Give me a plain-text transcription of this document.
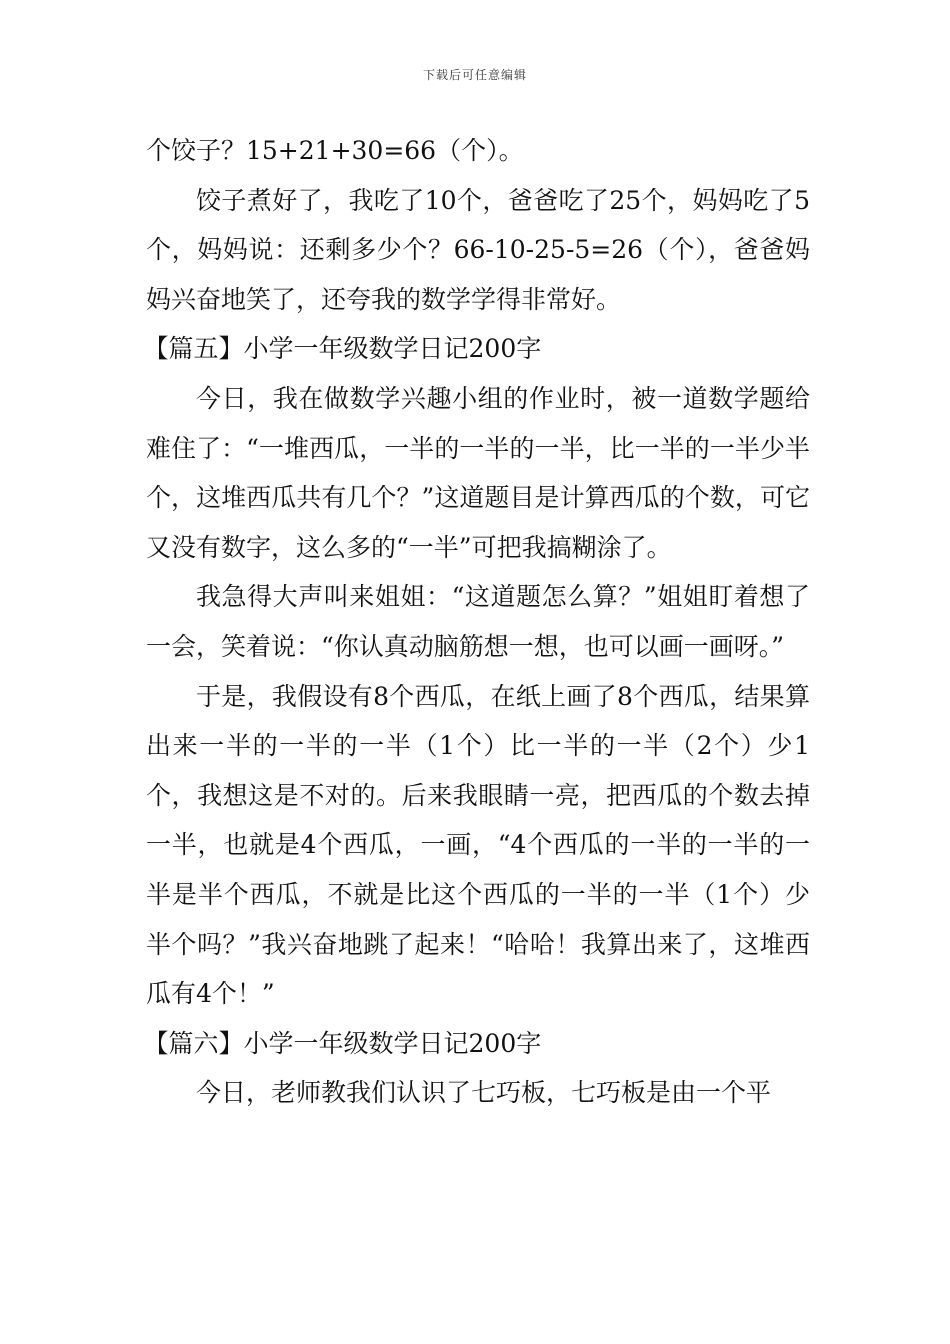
下载后可任意编辑

个饺子？15+21+30=66（个）。

饺子煮好了，我吃了10个，爸爸吃了25个，妈妈吃了5个，妈妈说：还剩多少个？66-10-25-5=26（个），爸爸妈妈兴奋地笑了，还夸我的数学学得非常好。

【篇五】小学一年级数学日记200字

今日，我在做数学兴趣小组的作业时，被一道数学题给难住了：“一堆西瓜，一半的一半的一半，比一半的一半少半个，这堆西瓜共有几个？”这道题目是计算西瓜的个数，可它又没有数字，这么多的“一半”可把我搞糊涂了。

我急得大声叫来姐姐：“这道题怎么算？”姐姐盯着想了一会，笑着说：“你认真动脑筋想一想，也可以画一画呀。”

于是，我假设有8个西瓜，在纸上画了8个西瓜，结果算出来一半的一半的一半（1个）比一半的一半（2个）少1个，我想这是不对的。后来我眼睛一亮，把西瓜的个数去掉一半，也就是4个西瓜，一画，“4个西瓜的一半的一半的一半是半个西瓜，不就是比这个西瓜的一半的一半（1个）少半个吗？”我兴奋地跳了起来！“哈哈！我算出来了，这堆西瓜有4个！”

【篇六】小学一年级数学日记200字

今日，老师教我们认识了七巧板，七巧板是由一个平
